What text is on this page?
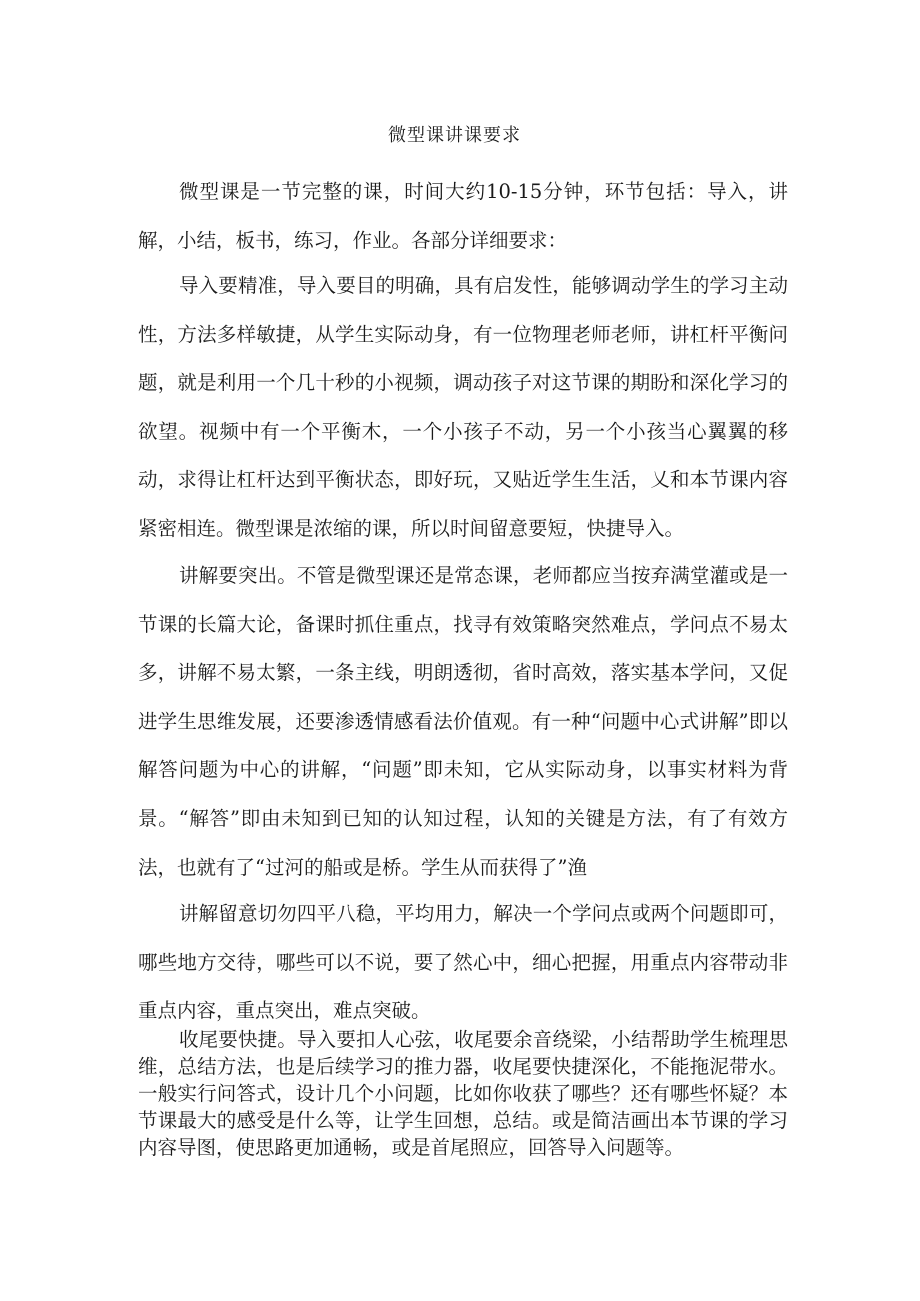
微型课讲课要求

微型课是一节完整的课，时间大约10-15分钟，环节包括：导入，讲解，小结，板书，练习，作业。各部分详细要求：

导入要精准，导入要目的明确，具有启发性，能够调动学生的学习主动性，方法多样敏捷，从学生实际动身，有一位物理老师老师，讲杠杆平衡问题，就是利用一个几十秒的小视频，调动孩子对这节课的期盼和深化学习的欲望。视频中有一个平衡木，一个小孩子不动，另一个小孩当心翼翼的移动，求得让杠杆达到平衡状态，即好玩，又贴近学生生活，乂和本节课内容紧密相连。微型课是浓缩的课，所以时间留意要短，快捷导入。

讲解要突出。不管是微型课还是常态课，老师都应当按弃满堂灌或是一节课的长篇大论，备课时抓住重点，找寻有效策略突然难点，学问点不易太多，讲解不易太繁，一条主线，明朗透彻，省时高效，落实基本学问，又促进学生思维发展，还要渗透情感看法价值观。有一种“问题中心式讲解”即以解答问题为中心的讲解，“问题”即未知，它从实际动身，以事实材料为背景。“解答”即由未知到已知的认知过程，认知的关键是方法，有了有效方法，也就有了“过河的船或是桥。学生从而获得了”渔

讲解留意切勿四平八稳，平均用力，解决一个学问点或两个问题即可，哪些地方交待，哪些可以不说，要了然心中，细心把握，用重点内容带动非重点内容，重点突出，难点突破。

收尾要快捷。导入要扣人心弦，收尾要余音绕梁，小结帮助学生梳理思维，总结方法，也是后续学习的推力器，收尾要快捷深化，不能拖泥带水。一般实行问答式，设计几个小问题，比如你收获了哪些？还有哪些怀疑？本节课最大的感受是什么等，让学生回想，总结。或是简洁画出本节课的学习内容导图，使思路更加通畅，或是首尾照应，回答导入问题等。
